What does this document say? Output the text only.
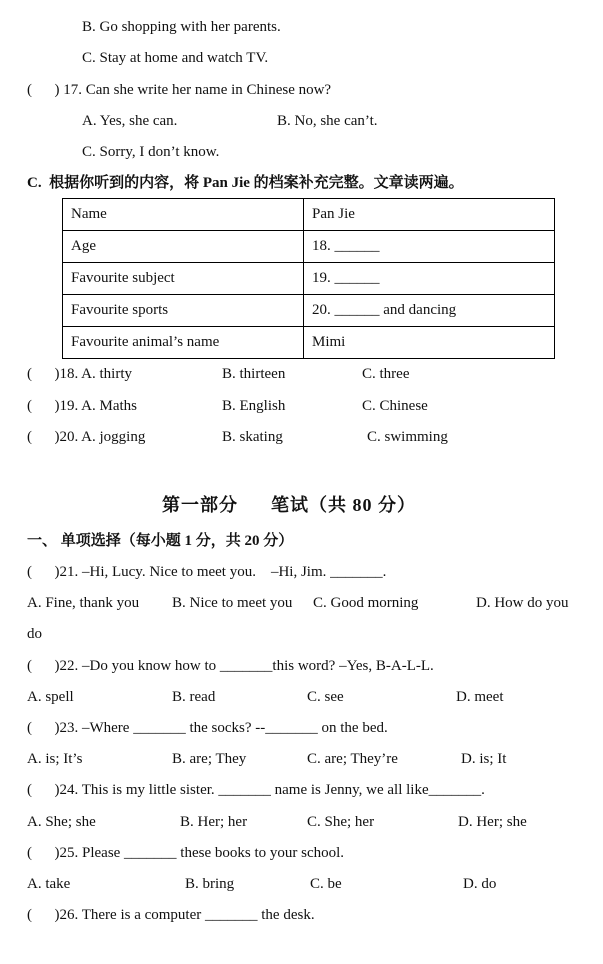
B. Go shopping with her parents.
C. Stay at home and watch TV.
(      ) 17. Can she write her name in Chinese now?
A. Yes, she can.	B. No, she can’t.
C. Sorry, I don’t know.
C.  根据你听到的内容，将 Pan Jie 的档案补充完整。文章读两遍。
Name	Pan Jie
Age	18. ______
Favourite subject	19. ______
Favourite sports	20. ______ and dancing
Favourite animal’s name	Mimi
(      )18. A. thirty	B. thirteen	C. three
(      )19. A. Maths	B. English	C. Chinese
(      )20. A. jogging	B. skating	C. swimming
第一部分      笔试（共 80 分）
一、 单项选择（每小题 1 分，共 20 分）
(      )21. –Hi, Lucy. Nice to meet you.    –Hi, Jim. _______.
A. Fine, thank you B. Nice to meet you C. Good morning	D. How do you
do
(      )22. –Do you know how to _______this word? –Yes, B-A-L-L.
A. spell	B. read	C. see	D. meet
(      )23. –Where _______ the socks? --_______ on the bed.
A. is; It’s	B. are; They	C. are; They’re	D. is; It
(      )24. This is my little sister. _______ name is Jenny, we all like_______.
A. She; she	B. Her; her	C. She; her	D. Her; she
(      )25. Please _______ these books to your school.
A. take	B. bring	C. be	D. do
(      )26. There is a computer _______ the desk.
